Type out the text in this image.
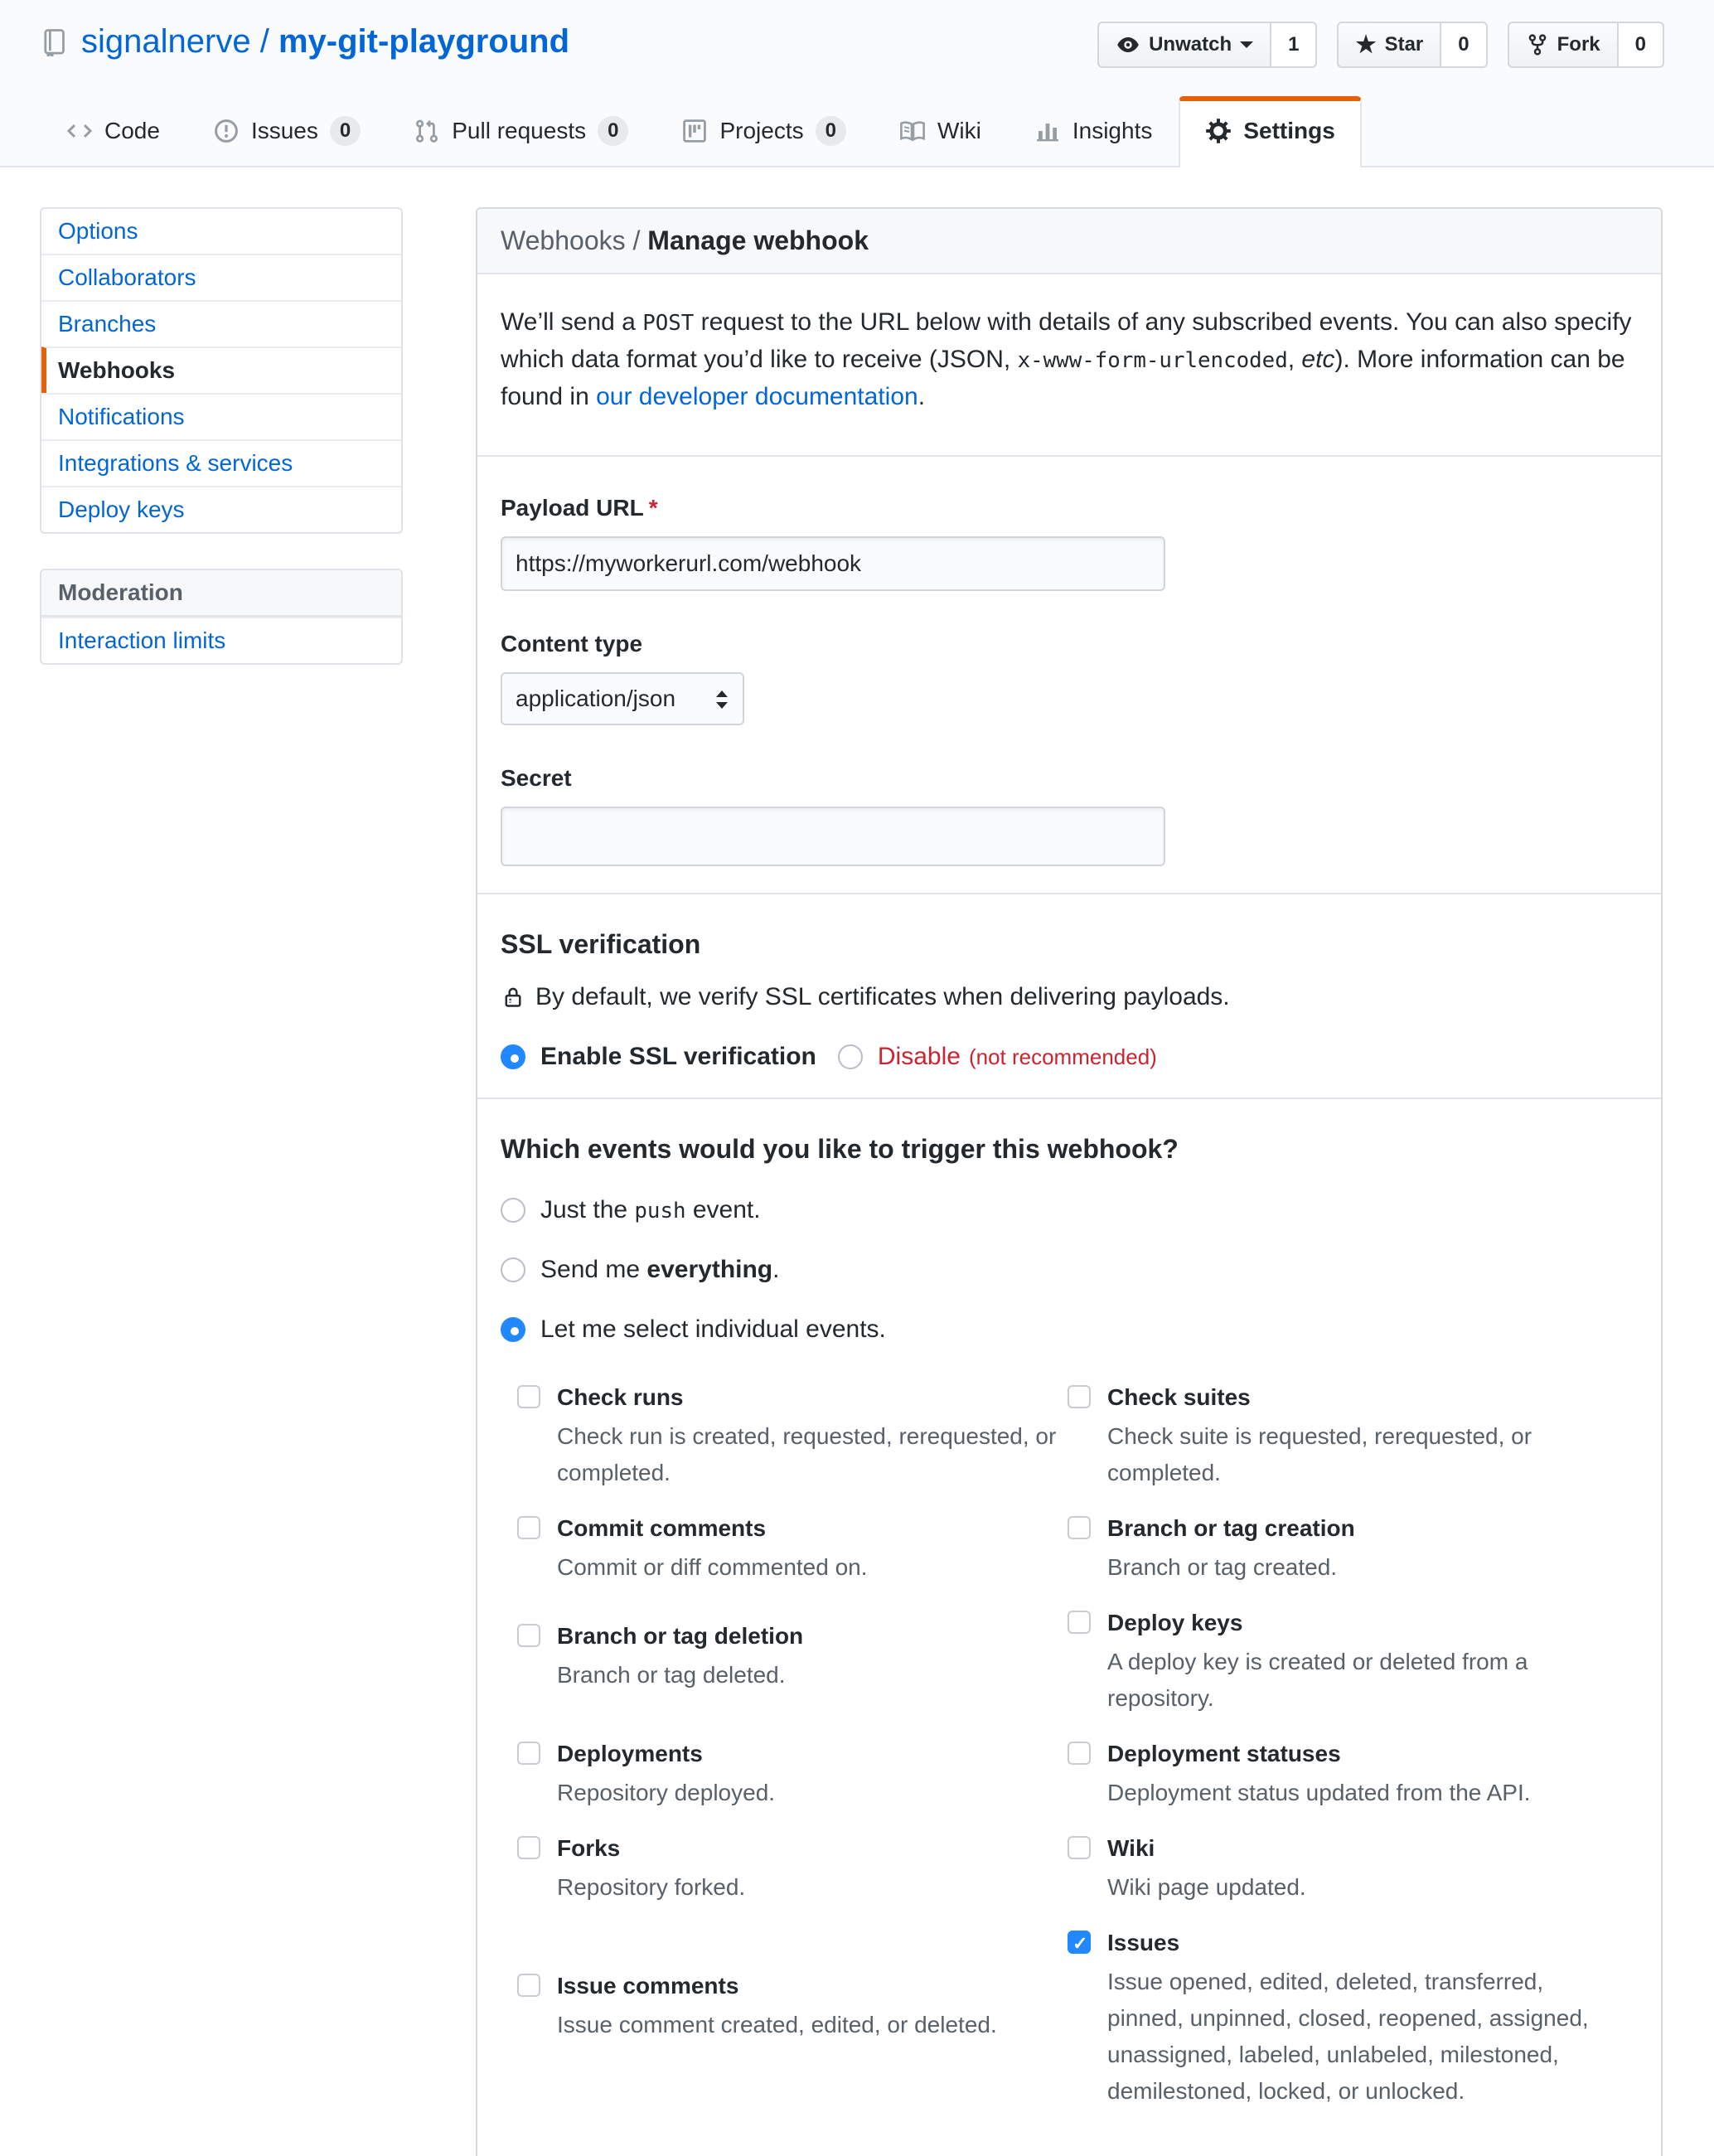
signalnerve / my-git-playground	Unwatch	1	★ Star	0	Fork	0
Code	Issues	0	Pull requests	0	Projects	0	Wiki	Insights	Settings
Options
Collaborators
Branches
Webhooks
Notifications
Integrations & services
Deploy keys
Moderation
Interaction limits
Webhooks / Manage webhook

We’ll send a POST request to the URL below with details of any subscribed events. You can also specify which data format you’d like to receive (JSON, x-www-form-urlencoded, etc). More information can be found in our developer documentation.

Payload URL *
https://myworkerurl.com/webhook
Content type
application/json
Secret
SSL verification
By default, we verify SSL certificates when delivering payloads.
Enable SSL verification	Disable (not recommended)
Which events would you like to trigger this webhook?
Just the push event.
Send me everything.
Let me select individual events.
Check runs
Check run is created, requested, rerequested, or completed.
Check suites
Check suite is requested, rerequested, or completed.
Commit comments
Commit or diff commented on.
Branch or tag creation
Branch or tag created.
Branch or tag deletion
Branch or tag deleted.
Deploy keys
A deploy key is created or deleted from a repository.
Deployments
Repository deployed.
Deployment statuses
Deployment status updated from the API.
Forks
Repository forked.
Wiki
Wiki page updated.
Issue comments
Issue comment created, edited, or deleted.
✓
Issues
Issue opened, edited, deleted, transferred, pinned, unpinned, closed, reopened, assigned, unassigned, labeled, unlabeled, milestoned, demilestoned, locked, or unlocked.
